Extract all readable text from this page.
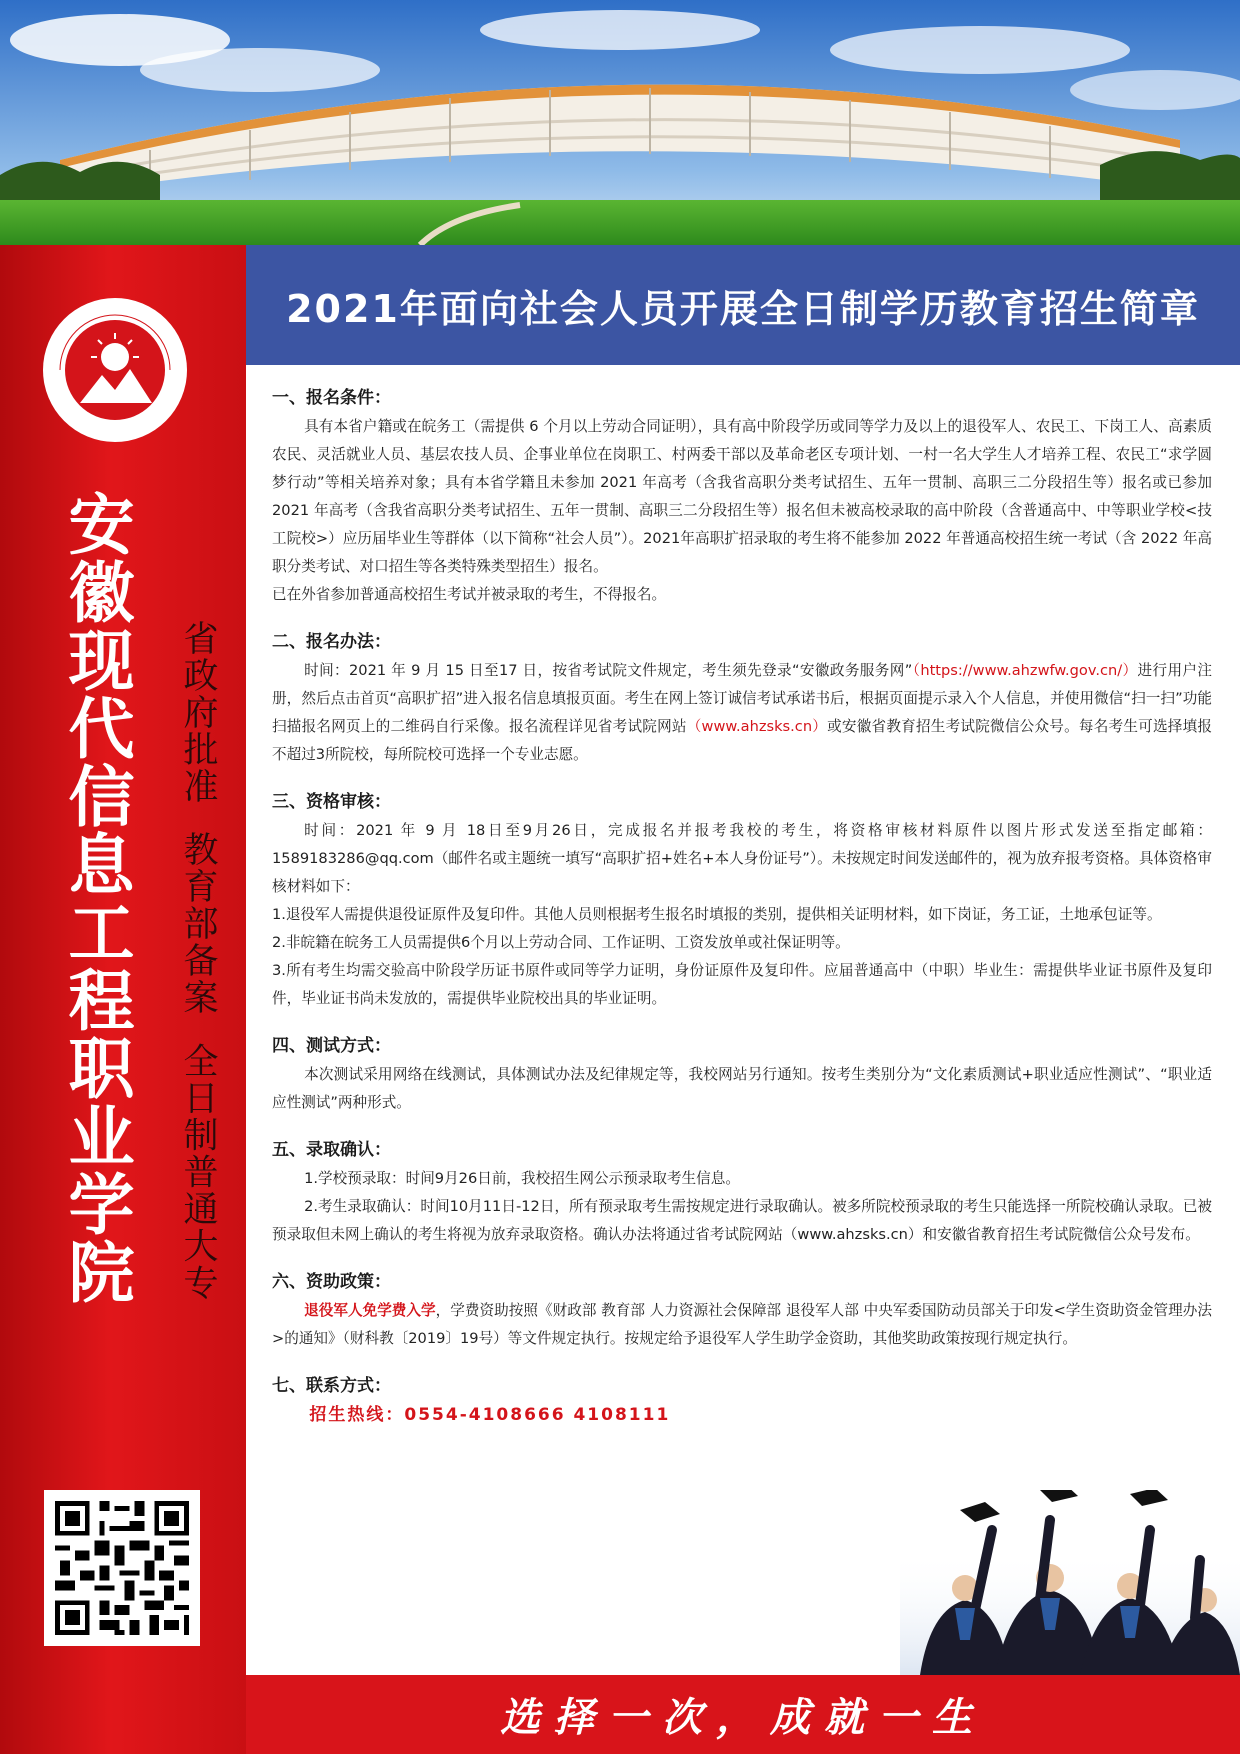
安徽现代信息工程职业学院	省政府批准  教育部备案  全日制普通大专
2021年面向社会人员开展全日制学历教育招生简章
一、报名条件：

具有本省户籍或在皖务工（需提供 6 个月以上劳动合同证明），具有高中阶段学历或同等学力及以上的退役军人、农民工、下岗工人、高素质农民、灵活就业人员、基层农技人员、企事业单位在岗职工、村两委干部以及革命老区专项计划、一村一名大学生人才培养工程、农民工“求学圆梦行动”等相关培养对象；具有本省学籍且未参加 2021 年高考（含我省高职分类考试招生、五年一贯制、高职三二分段招生等）报名或已参加 2021 年高考（含我省高职分类考试招生、五年一贯制、高职三二分段招生等）报名但未被高校录取的高中阶段（含普通高中、中等职业学校<技工院校>）应历届毕业生等群体（以下简称“社会人员”）。2021年高职扩招录取的考生将不能参加 2022 年普通高校招生统一考试（含 2022 年高职分类考试、对口招生等各类特殊类型招生）报名。

已在外省参加普通高校招生考试并被录取的考生，不得报名。

二、报名办法：

时间：2021 年 9 月 15 日至17 日，按省考试院文件规定，考生须先登录“安徽政务服务网”（https://www.ahzwfw.gov.cn/）进行用户注册，然后点击首页“高职扩招”进入报名信息填报页面。考生在网上签订诚信考试承诺书后，根据页面提示录入个人信息，并使用微信“扫一扫”功能扫描报名网页上的二维码自行采像。报名流程详见省考试院网站（www.ahzsks.cn）或安徽省教育招生考试院微信公众号。每名考生可选择填报不超过3所院校，每所院校可选择一个专业志愿。

三、资格审核：

时间：2021 年 9 月 18日至9月26日，完成报名并报考我校的考生，将资格审核材料原件以图片形式发送至指定邮箱：1589183286@qq.com（邮件名或主题统一填写“高职扩招+姓名+本人身份证号”）。未按规定时间发送邮件的，视为放弃报考资格。具体资格审核材料如下：

1.退役军人需提供退役证原件及复印件。其他人员则根据考生报名时填报的类别，提供相关证明材料，如下岗证，务工证，土地承包证等。

2.非皖籍在皖务工人员需提供6个月以上劳动合同、工作证明、工资发放单或社保证明等。

3.所有考生均需交验高中阶段学历证书原件或同等学力证明，身份证原件及复印件。应届普通高中（中职）毕业生：需提供毕业证书原件及复印件，毕业证书尚未发放的，需提供毕业院校出具的毕业证明。

四、测试方式：

本次测试采用网络在线测试，具体测试办法及纪律规定等，我校网站另行通知。按考生类别分为“文化素质测试+职业适应性测试”、“职业适应性测试”两种形式。

五、录取确认：

1.学校预录取：时间9月26日前，我校招生网公示预录取考生信息。

2.考生录取确认：时间10月11日-12日，所有预录取考生需按规定进行录取确认。被多所院校预录取的考生只能选择一所院校确认录取。已被预录取但未网上确认的考生将视为放弃录取资格。确认办法将通过省考试院网站（www.ahzsks.cn）和安徽省教育招生考试院微信公众号发布。

六、资助政策：

退役军人免学费入学，学费资助按照《财政部 教育部 人力资源社会保障部 退役军人部 中央军委国防动员部关于印发<学生资助资金管理办法>的通知》（财科教〔2019〕19号）等文件规定执行。按规定给予退役军人学生助学金资助，其他奖助政策按现行规定执行。

七、联系方式：
招生热线：0554-4108666 4108111
选择一次，成就一生
